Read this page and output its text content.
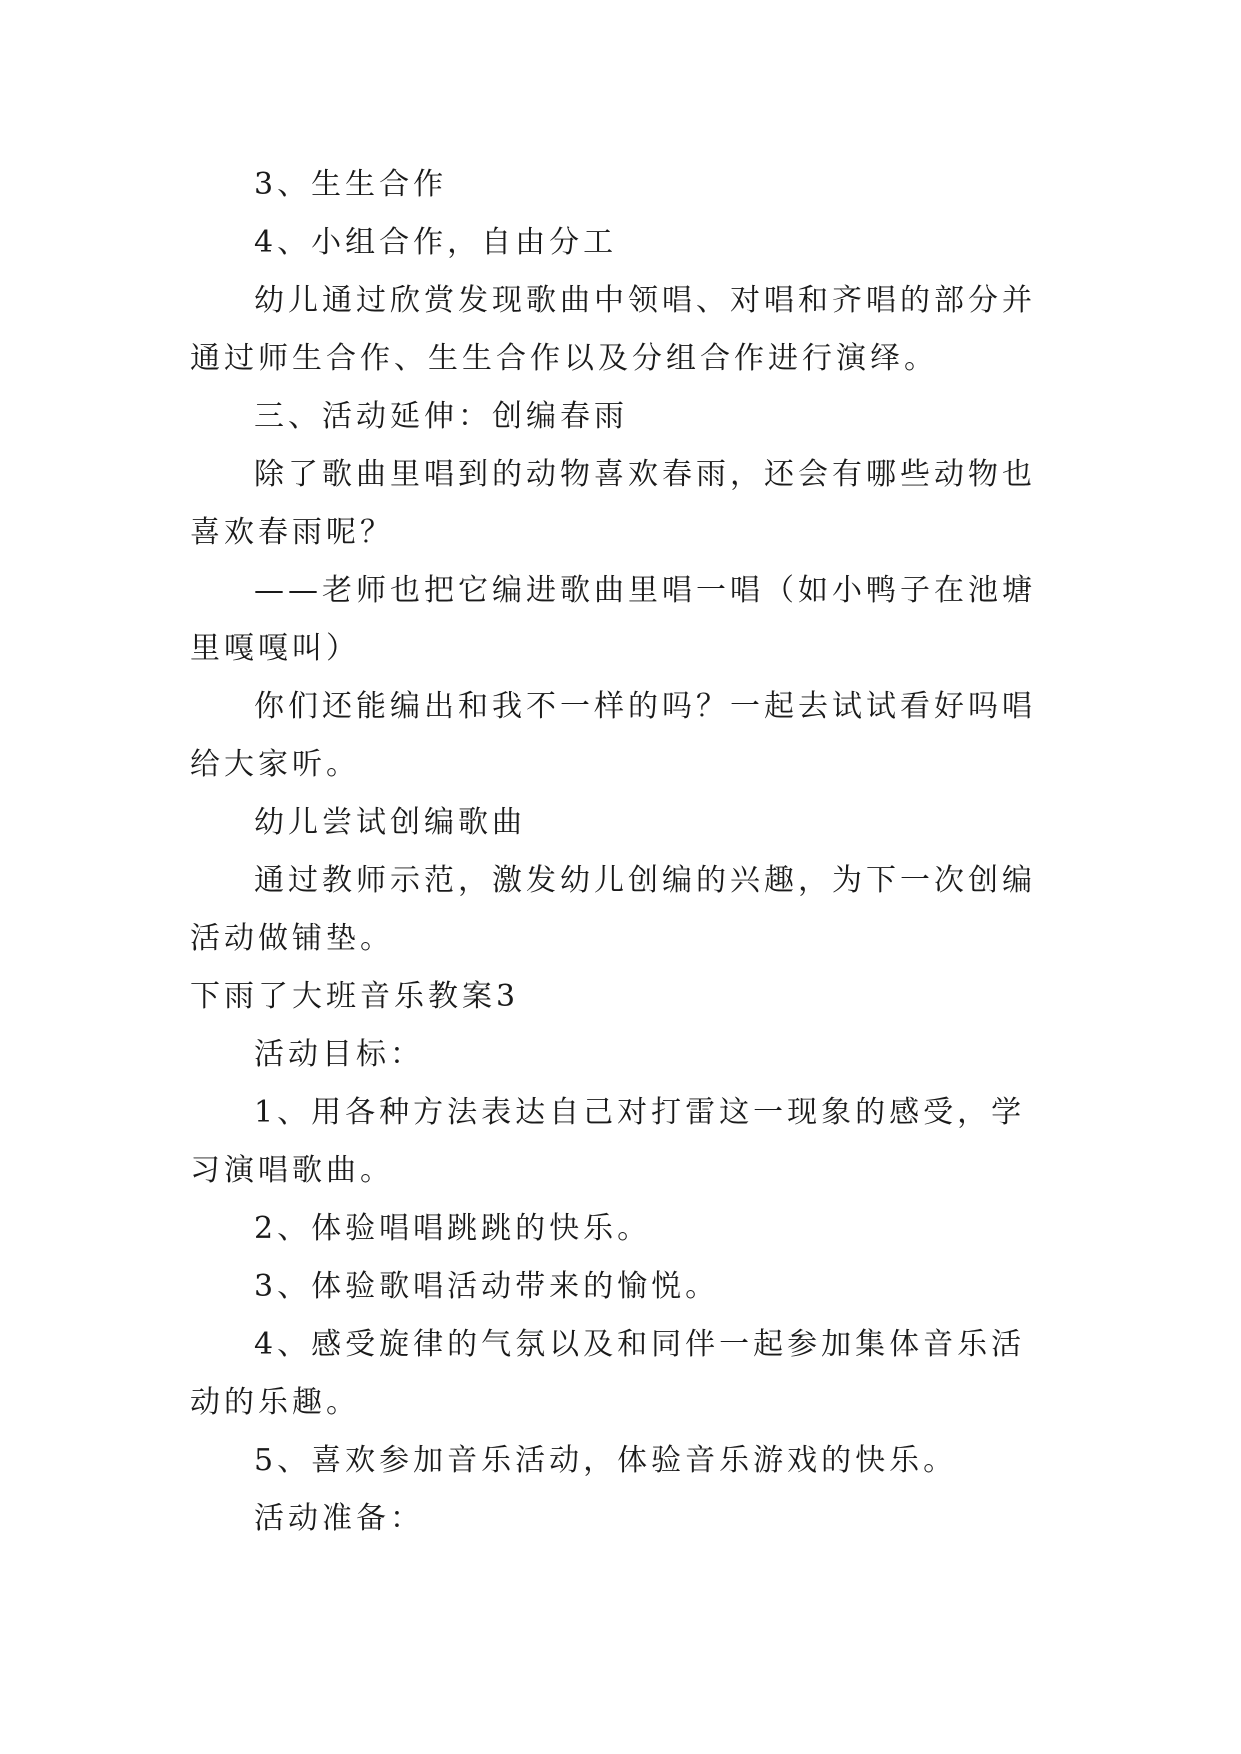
3、生生合作

4、小组合作，自由分工

幼儿通过欣赏发现歌曲中领唱、对唱和齐唱的部分并通过师生合作、生生合作以及分组合作进行演绎。

三、活动延伸：创编春雨

除了歌曲里唱到的动物喜欢春雨，还会有哪些动物也喜欢春雨呢？

——老师也把它编进歌曲里唱一唱（如小鸭子在池塘里嘎嘎叫）

你们还能编出和我不一样的吗？一起去试试看好吗唱给大家听。

幼儿尝试创编歌曲

通过教师示范，激发幼儿创编的兴趣，为下一次创编活动做铺垫。

下雨了大班音乐教案3

活动目标：

1、用各种方法表达自己对打雷这一现象的感受，学习演唱歌曲。

2、体验唱唱跳跳的快乐。

3、体验歌唱活动带来的愉悦。

4、感受旋律的气氛以及和同伴一起参加集体音乐活动的乐趣。

5、喜欢参加音乐活动，体验音乐游戏的快乐。

活动准备：
